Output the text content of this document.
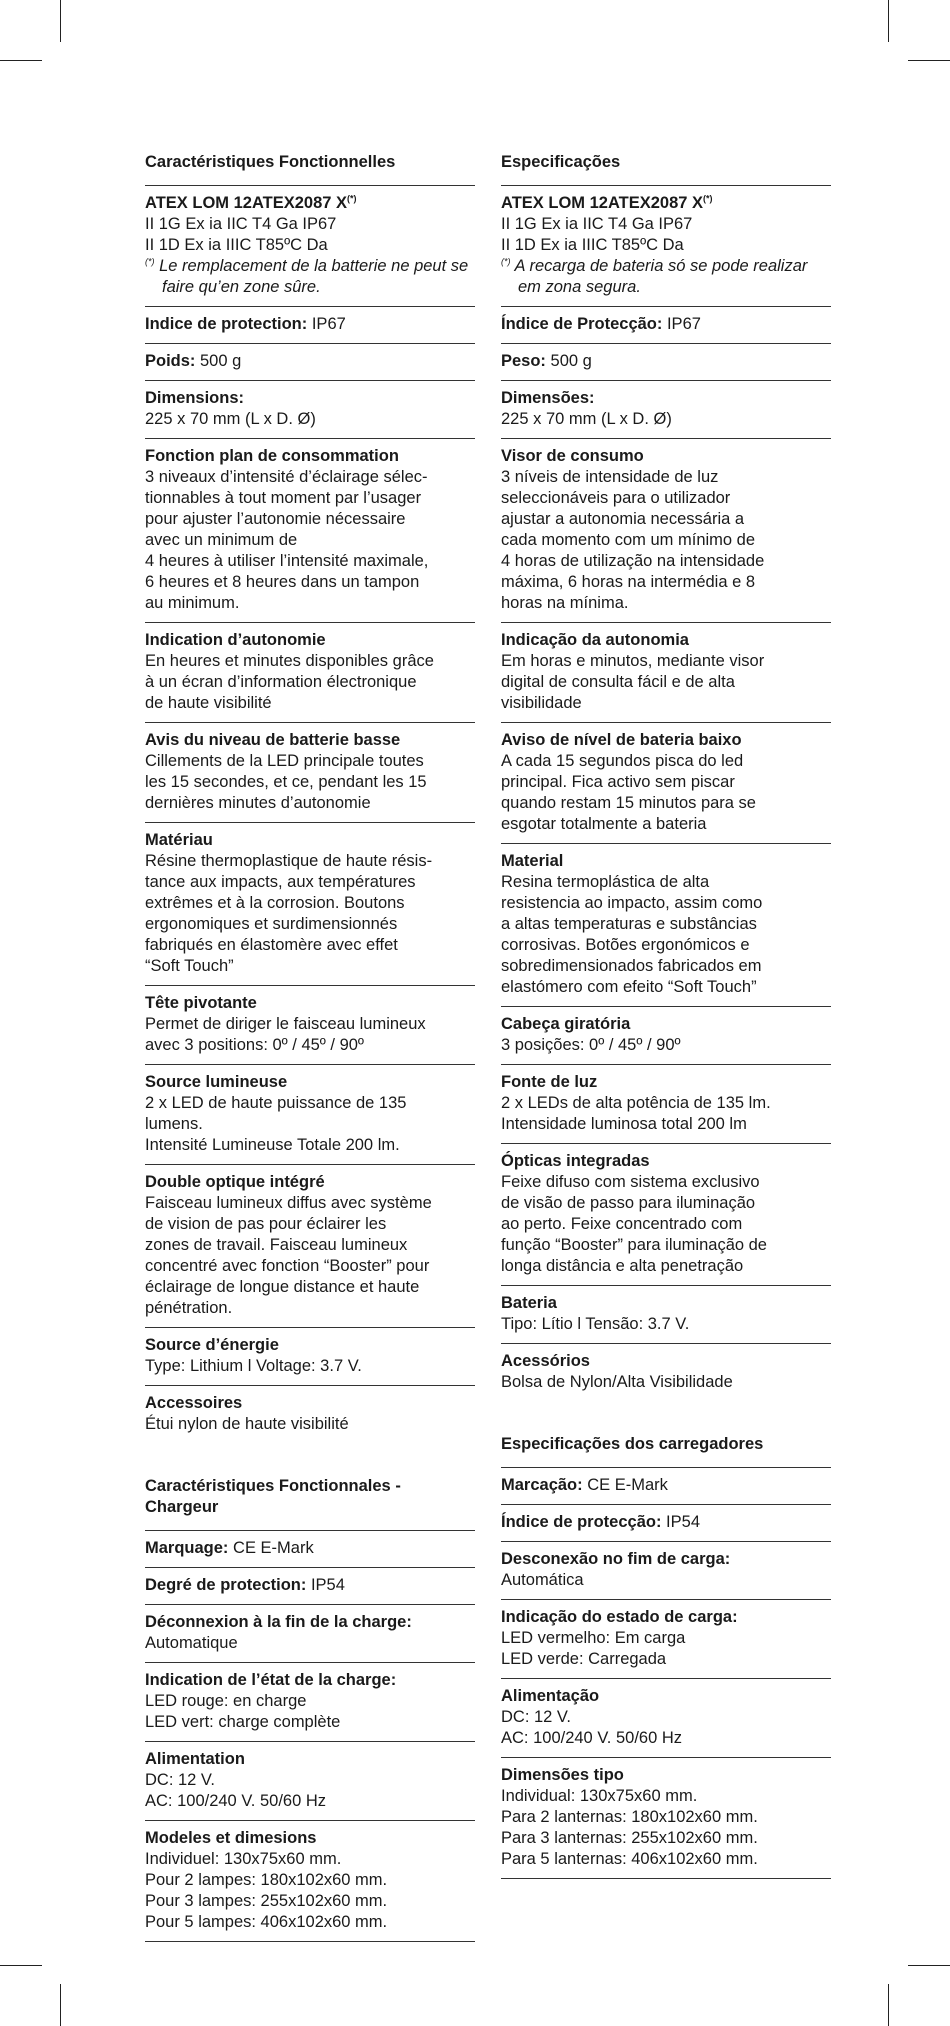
Caractéristiques Fonctionnelles
ATEX LOM 12ATEX2087 X(*)
II 1G Ex ia IIC T4 Ga IP67
II 1D Ex ia IIIC T85ºC Da
(*) Le remplacement de la batterie ne peut se faire qu’en zone sûre.
Indice de protection: IP67
Poids: 500 g
Dimensions:
225 x 70 mm (L x D. Ø)
Fonction plan de consommation
3 niveaux d’intensité d’éclairage sélec-
tionnables à tout moment par l’usager
pour ajuster l’autonomie nécessaire
avec un minimum de
4 heures à utiliser l’intensité maximale,
6 heures et 8 heures dans un tampon
au minimum.
Indication d’autonomie
En heures et minutes disponibles grâce
à un écran d’information électronique
de haute visibilité
Avis du niveau de batterie basse
Cillements de la LED principale toutes
les 15 secondes, et ce, pendant les 15
dernières minutes d’autonomie
Matériau
Résine thermoplastique de haute résis-
tance aux impacts, aux températures
extrêmes et à la corrosion. Boutons
ergonomiques et surdimensionnés
fabriqués en élastomère avec effet
“Soft Touch”
Tête pivotante
Permet de diriger le faisceau lumineux
avec 3 positions: 0º / 45º / 90º
Source lumineuse
2 x LED de haute puissance de 135
lumens.
Intensité Lumineuse Totale 200 lm.
Double optique intégré
Faisceau lumineux diffus avec système
de vision de pas pour éclairer les
zones de travail. Faisceau lumineux
concentré avec fonction “Booster” pour
éclairage de longue distance et haute
pénétration.
Source d’énergie
Type: Lithium l Voltage: 3.7 V.
Accessoires
Étui nylon de haute visibilité
Caractéristiques Fonctionnales -
Chargeur
Marquage: CE E-Mark
Degré de protection: IP54
Déconnexion à la fin de la charge:
Automatique
Indication de l’état de la charge:
LED rouge: en charge
LED vert: charge complète
Alimentation
DC: 12 V.
AC: 100/240 V. 50/60 Hz
Modeles et dimesions
Individuel: 130x75x60 mm.
Pour 2 lampes: 180x102x60 mm.
Pour 3 lampes: 255x102x60 mm.
Pour 5 lampes: 406x102x60 mm.
Especificações
ATEX LOM 12ATEX2087 X(*)
II 1G Ex ia IIC T4 Ga IP67
II 1D Ex ia IIIC T85ºC Da
(*) A recarga de bateria só se pode realizar em zona segura.
Índice de Protecção: IP67
Peso: 500 g
Dimensões:
225 x 70 mm (L x D. Ø)
Visor de consumo
3 níveis de intensidade de luz
seleccionáveis para o utilizador
ajustar a autonomia necessária a
cada momento com um mínimo de
4 horas de utilização na intensidade
máxima, 6 horas na intermédia e 8
horas na mínima.
Indicação da autonomia
Em horas e minutos, mediante visor
digital de consulta fácil e de alta
visibilidade
Aviso de nível de bateria baixo
A cada 15 segundos pisca do led
principal. Fica activo sem piscar
quando restam 15 minutos para se
esgotar totalmente a bateria
Material
Resina termoplástica de alta
resistencia ao impacto, assim como
a altas temperaturas e substâncias
corrosivas. Botões ergonómicos e
sobredimensionados fabricados em
elastómero com efeito “Soft Touch”
Cabeça giratória
3 posições: 0º / 45º / 90º
Fonte de luz
2 x LEDs de alta potência de 135 lm.
Intensidade luminosa total 200 lm
Ópticas integradas
Feixe difuso com sistema exclusivo
de visão de passo para iluminação
ao perto. Feixe concentrado com
função “Booster” para iluminação de
longa distância e alta penetração
Bateria
Tipo: Lítio l Tensão: 3.7 V.
Acessórios
Bolsa de Nylon/Alta Visibilidade
Especificações dos carregadores
Marcação: CE E-Mark
Índice de protecção: IP54
Desconexão no fim de carga:
Automática
Indicação do estado de carga:
LED vermelho: Em carga
LED verde: Carregada
Alimentação
DC: 12 V.
AC: 100/240 V. 50/60 Hz
Dimensões tipo
Individual: 130x75x60 mm.
Para 2 lanternas: 180x102x60 mm.
Para 3 lanternas: 255x102x60 mm.
Para 5 lanternas: 406x102x60 mm.
